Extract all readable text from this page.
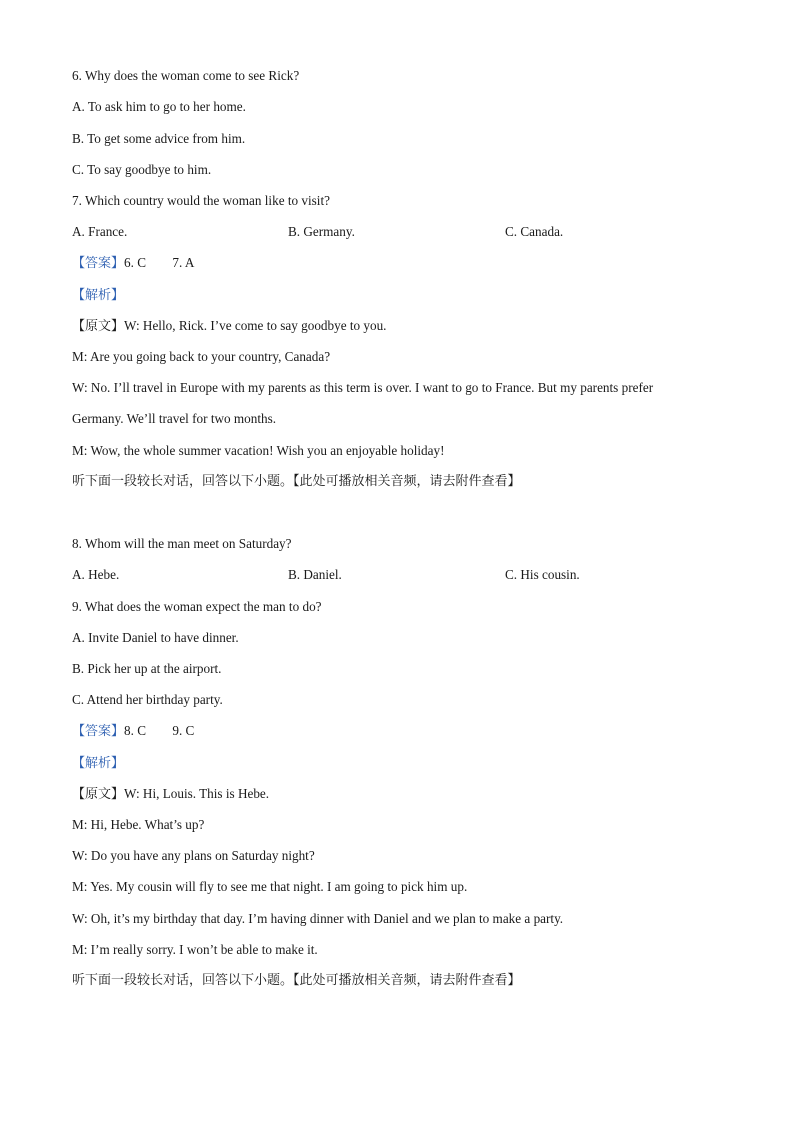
6. Why does the woman come to see Rick?
A. To ask him to go to her home.
B. To get some advice from him.
C. To say goodbye to him.
7. Which country would the woman like to visit?
A. France.	B. Germany.	C. Canada.
【答案】6. C        7. A
【解析】
【原文】W: Hello, Rick. I’ve come to say goodbye to you.
M: Are you going back to your country, Canada?
W: No. I’ll travel in Europe with my parents as this term is over. I want to go to France. But my parents prefer
Germany. We’ll travel for two months.
M: Wow, the whole summer vacation! Wish you an enjoyable holiday!
听下面一段较长对话，回答以下小题。【此处可播放相关音频，请去附件查看】
8. Whom will the man meet on Saturday?
A. Hebe.	B. Daniel.	C. His cousin.
9. What does the woman expect the man to do?
A. Invite Daniel to have dinner.
B. Pick her up at the airport.
C. Attend her birthday party.
【答案】8. C        9. C
【解析】
【原文】W: Hi, Louis. This is Hebe.
M: Hi, Hebe. What’s up?
W: Do you have any plans on Saturday night?
M: Yes. My cousin will fly to see me that night. I am going to pick him up.
W: Oh, it’s my birthday that day. I’m having dinner with Daniel and we plan to make a party.
M: I’m really sorry. I won’t be able to make it.
听下面一段较长对话，回答以下小题。【此处可播放相关音频，请去附件查看】
